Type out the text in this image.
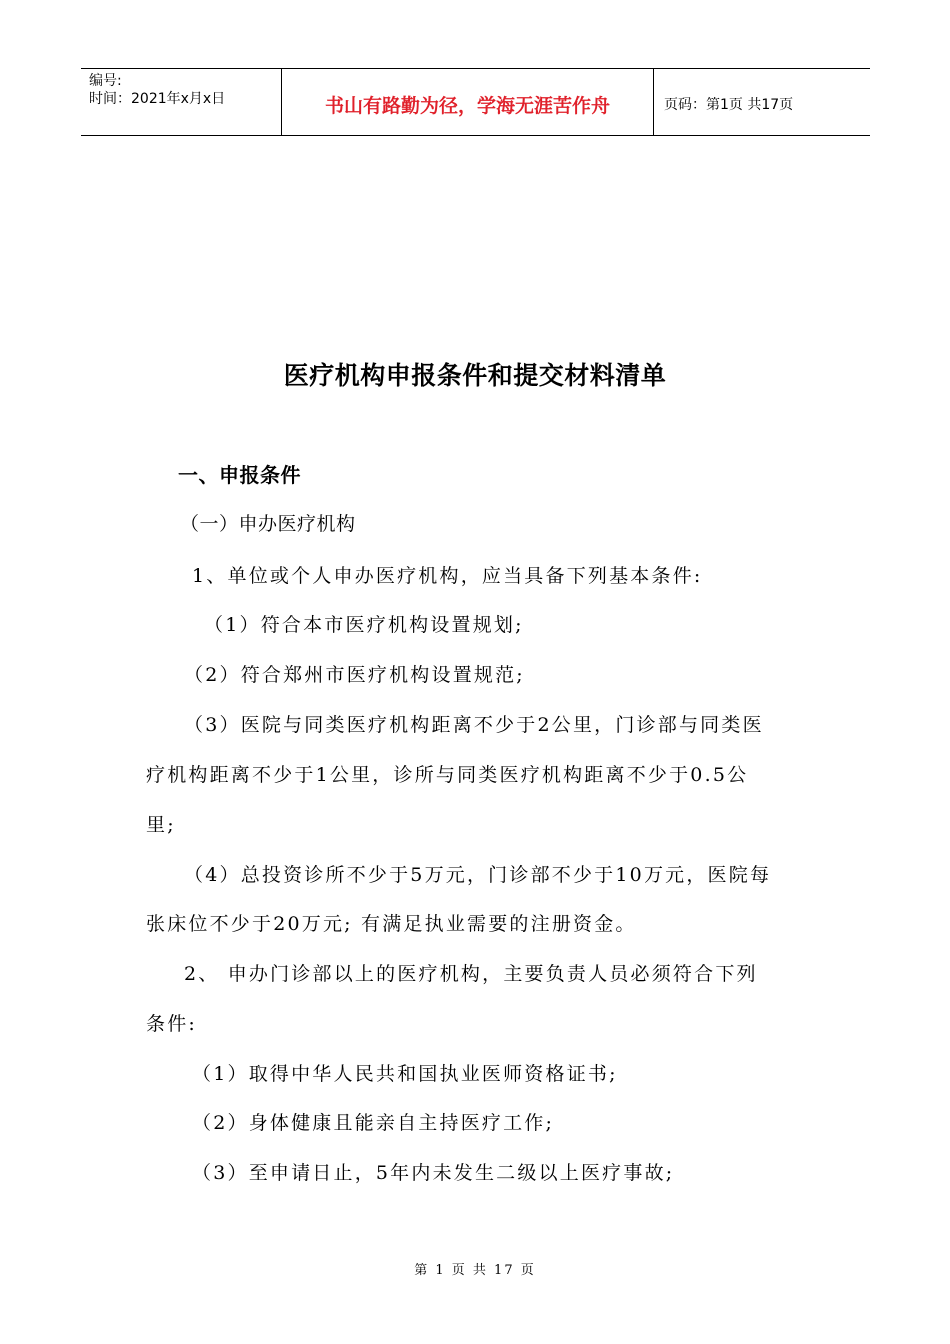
编号:
时间：2021年x月x日	书山有路勤为径，学海无涯苦作舟	页码：第1页 共17页
医疗机构申报条件和提交材料清单
一、申报条件
（一）申办医疗机构
1、单位或个人申办医疗机构，应当具备下列基本条件:
（1）符合本市医疗机构设置规划;
（2）符合郑州市医疗机构设置规范;
（3）医院与同类医疗机构距离不少于2公里，门诊部与同类医
疗机构距离不少于1公里，诊所与同类医疗机构距离不少于0.5公
里;
（4）总投资诊所不少于5万元，门诊部不少于10万元，医院每
张床位不少于20万元; 有满足执业需要的注册资金。
2、 申办门诊部以上的医疗机构，主要负责人员必须符合下列
条件:
（1）取得中华人民共和国执业医师资格证书;
（2）身体健康且能亲自主持医疗工作;
（3）至申请日止，5年内未发生二级以上医疗事故;
第 1 页 共 17 页
